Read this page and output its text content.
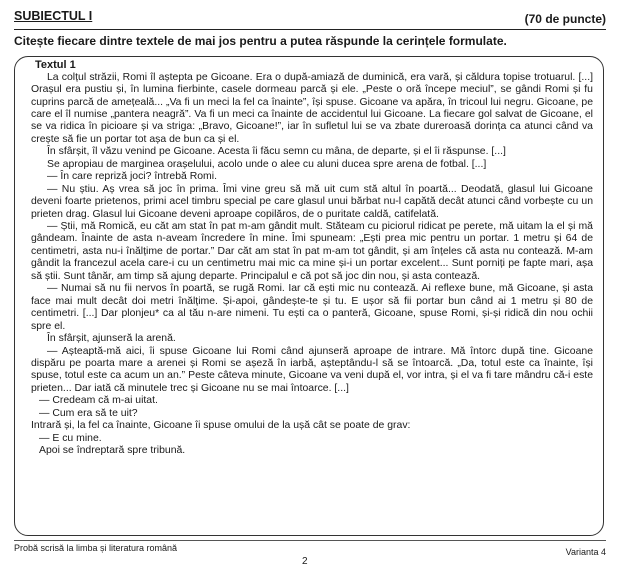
SUBIECTUL I	(70 de puncte)
Citește fiecare dintre textele de mai jos pentru a putea răspunde la cerințele formulate.
Textul 1

La colțul străzii, Romi îl aștepta pe Gicoane. Era o după-amiază de duminică, era vară, și căldura topise trotuarul. [...] Orașul era pustiu și, în lumina fierbinte, casele dormeau parcă și ele. „Peste o oră începe meciul”, se gândi Romi și fu cuprins parcă de amețeală... „Va fi un meci la fel ca înainte”, își spuse. Gicoane va apăra, în tricoul lui negru. Gicoane, pe care el îl numise „pantera neagră”. Va fi un meci ca înainte de accidentul lui Gicoane. La fiecare gol salvat de Gicoane, el se va ridica în picioare și va striga: „Bravo, Gicoane!”, iar în sufletul lui se va zbate dureroasă dorința ca atunci când va crește să fie un portar tot așa de bun ca și el.

În sfârșit, îl văzu venind pe Gicoane. Acesta îi făcu semn cu mâna, de departe, și el îi răspunse. [...]

Se apropiau de marginea orașelului, acolo unde o alee cu aluni ducea spre arena de fotbal. [...]

— În care repriză joci? întrebă Romi.

— Nu știu. Aș vrea să joc în prima. Îmi vine greu să mă uit cum stă altul în poartă... Deodată, glasul lui Gicoane deveni foarte prietenos, primi acel timbru special pe care glasul unui bărbat nu-l capătă decât atunci când vorbește cu un prieten drag. Glasul lui Gicoane deveni aproape copilăros, de o puritate caldă, catifelată.

— Știi, mă Romică, eu căt am stat în pat m-am gândit mult. Stăteam cu piciorul ridicat pe perete, mă uitam la el și mă gândeam. Înainte de asta n-aveam încredere în mine. Îmi spuneam: „Ești prea mic pentru un portar. 1 metru și 64 de centimetri, asta nu-i înălțime de portar.” Dar căt am stat în pat m-am tot gândit, și am înțeles că asta nu contează. M-am gândit la francezul acela care-i cu un centimetru mai mic ca mine și-i un portar excelent... Sunt porniți pe fapte mari, așa să știi. Sunt tânăr, am timp să ajung departe. Principalul e că pot să joc din nou, și asta contează.

— Numai să nu fii nervos în poartă, se rugă Romi. Iar că ești mic nu contează. Ai reflexe bune, mă Gicoane, și asta face mai mult decât doi metri înălțime. Și-apoi, gândește-te și tu. E ușor să fii portar bun când ai 1 metru și 80 de centimetri. [...] Dar plonjeu* ca al tău n-are nimeni. Tu ești ca o panteră, Gicoane, spuse Romi, și-și ridică din nou ochii spre el.

În sfârșit, ajunseră la arenă.

— Așteaptă-mă aici, îi spuse Gicoane lui Romi când ajunseră aproape de intrare. Mă întorc după tine. Gicoane dispăru pe poarta mare a arenei și Romi se așeză în iarbă, așteptându-l să se întoarcă. „Da, totul este ca înainte, își spuse, totul este ca acum un an.” Peste câteva minute, Gicoane va veni după el, vor intra, și el va fi tare mândru că-i este prieten... Dar iată că minutele trec și Gicoane nu se mai întoarce. [...]

— Credeam că m-ai uitat.

— Cum era să te uit?

Intrară și, la fel ca înainte, Gicoane îi spuse omului de la ușă cât se poate de grav:

— E cu mine.

Apoi se îndreptară spre tribună.

Probă scrisă la limba și literatura română	Varianta 4
2
